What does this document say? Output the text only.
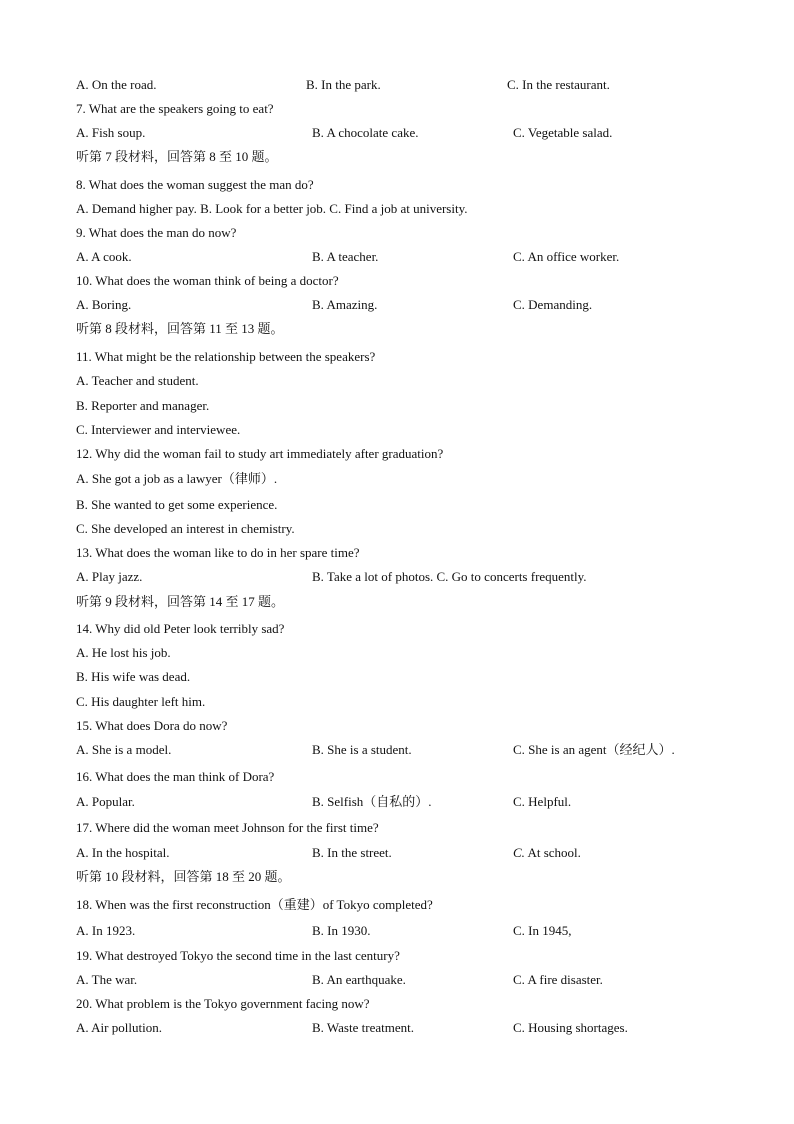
A. On the road.	B. In the park.	C. In the restaurant.
7. What are the speakers going to eat?
A. Fish soup.	B. A chocolate cake.	C. Vegetable salad.
听第 7 段材料，回答第 8 至 10 题。
8. What does the woman suggest the man do?
A. Demand higher pay. B. Look for a better job. C. Find a job at university.
9. What does the man do now?
A. A cook.	B. A teacher.	C. An office worker.
10. What does the woman think of being a doctor?
A. Boring.	B. Amazing.	C. Demanding.
听第 8 段材料，回答第 11 至 13 题。
11. What might be the relationship between the speakers?
A. Teacher and student.
B. Reporter and manager.
C. Interviewer and interviewee.
12. Why did the woman fail to study art immediately after graduation?
A. She got a job as a lawyer（律师）.
B. She wanted to get some experience.
C. She developed an interest in chemistry.
13. What does the woman like to do in her spare time?
A. Play jazz.	B. Take a lot of photos. C. Go to concerts frequently.
听第 9 段材料，回答第 14 至 17 题。
14. Why did old Peter look terribly sad?
A. He lost his job.
B. His wife was dead.
C. His daughter left him.
15. What does Dora do now?
A. She is a model.	B. She is a student.	C. She is an agent（经纪人）.
16. What does the man think of Dora?
A. Popular.	B. Selfish（自私的）.	C. Helpful.
17. Where did the woman meet Johnson for the first time?
A. In the hospital.	B. In the street.	C. At school.
听第 10 段材料，回答第 18 至 20 题。
18. When was the first reconstruction（重建）of Tokyo completed?
A. In 1923.	B. In 1930.	C. In 1945,
19. What destroyed Tokyo the second time in the last century?
A. The war.	B. An earthquake.	C. A fire disaster.
20. What problem is the Tokyo government facing now?
A. Air pollution.	B. Waste treatment.	C. Housing shortages.
